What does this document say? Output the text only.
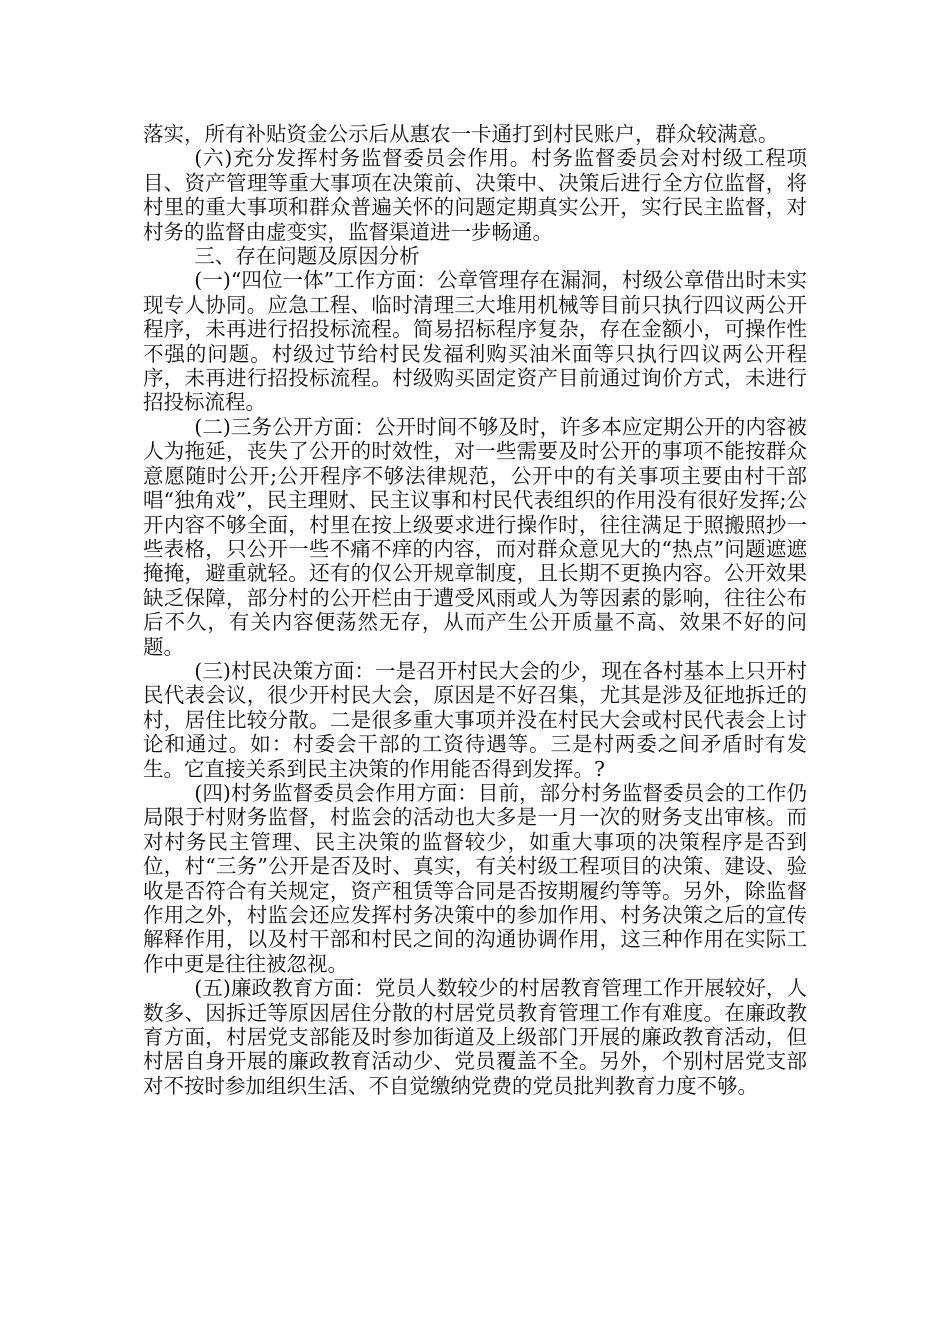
落实，所有补贴资金公示后从惠农一卡通打到村民账户，群众较满意。

(六)充分发挥村务监督委员会作用。村务监督委员会对村级工程项目、资产管理等重大事项在决策前、决策中、决策后进行全方位监督，将村里的重大事项和群众普遍关怀的问题定期真实公开，实行民主监督，对村务的监督由虚变实，监督渠道进一步畅通。

三、存在问题及原因分析

(一)“四位一体”工作方面：公章管理存在漏洞，村级公章借出时未实现专人协同。应急工程、临时清理三大堆用机械等目前只执行四议两公开程序，未再进行招投标流程。简易招标程序复杂，存在金额小，可操作性不强的问题。村级过节给村民发福利购买油米面等只执行四议两公开程序，未再进行招投标流程。村级购买固定资产目前通过询价方式，未进行招投标流程。

(二)三务公开方面：公开时间不够及时，许多本应定期公开的内容被人为拖延，丧失了公开的时效性，对一些需要及时公开的事项不能按群众意愿随时公开;公开程序不够法律规范，公开中的有关事项主要由村干部唱“独角戏”，民主理财、民主议事和村民代表组织的作用没有很好发挥;公开内容不够全面，村里在按上级要求进行操作时，往往满足于照搬照抄一些表格，只公开一些不痛不痒的内容，而对群众意见大的“热点”问题遮遮掩掩，避重就轻。还有的仅公开规章制度，且长期不更换内容。公开效果缺乏保障，部分村的公开栏由于遭受风雨或人为等因素的影响，往往公布后不久，有关内容便荡然无存，从而产生公开质量不高、效果不好的问题。

(三)村民决策方面：一是召开村民大会的少，现在各村基本上只开村民代表会议，很少开村民大会，原因是不好召集，尤其是涉及征地拆迁的村，居住比较分散。二是很多重大事项并没在村民大会或村民代表会上讨论和通过。如：村委会干部的工资待遇等。三是村两委之间矛盾时有发生。它直接关系到民主决策的作用能否得到发挥。?

(四)村务监督委员会作用方面：目前，部分村务监督委员会的工作仍局限于村财务监督，村监会的活动也大多是一月一次的财务支出审核。而对村务民主管理、民主决策的监督较少，如重大事项的决策程序是否到位，村“三务”公开是否及时、真实，有关村级工程项目的决策、建设、验收是否符合有关规定，资产租赁等合同是否按期履约等等。另外，除监督作用之外，村监会还应发挥村务决策中的参加作用、村务决策之后的宣传解释作用，以及村干部和村民之间的沟通协调作用，这三种作用在实际工作中更是往往被忽视。

(五)廉政教育方面：党员人数较少的村居教育管理工作开展较好，人数多、因拆迁等原因居住分散的村居党员教育管理工作有难度。在廉政教育方面，村居党支部能及时参加街道及上级部门开展的廉政教育活动，但村居自身开展的廉政教育活动少、党员覆盖不全。另外，个别村居党支部对不按时参加组织生活、不自觉缴纳党费的党员批判教育力度不够。
